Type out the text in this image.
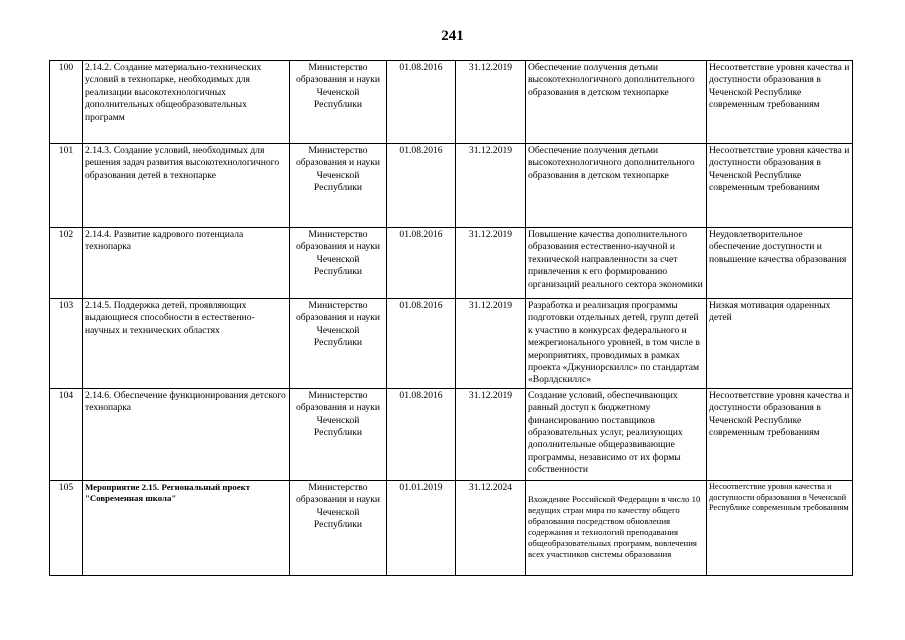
241
100	2.14.2. Создание материально-технических условий в технопарке, необходимых для реализации высокотехнологичных дополнительных общеобразовательных программ	Министерство образования и науки Чеченской Республики	01.08.2016	31.12.2019	Обеспечение получения детьми высокотехнологичного дополнительного образования в детском технопарке	Несоответствие уровня качества и доступности образования в Чеченской Республике современным требованиям
101	2.14.3. Создание условий, необходимых для решения задач развития высокотехнологичного образования детей в технопарке	Министерство образования и науки Чеченской Республики	01.08.2016	31.12.2019	Обеспечение получения детьми высокотехнологичного дополнительного образования в детском технопарке	Несоответствие уровня качества и доступности образования в Чеченской Республике современным требованиям
102	2.14.4. Развитие кадрового потенциала технопарка	Министерство образования и науки Чеченской Республики	01.08.2016	31.12.2019	Повышение качества дополнительного образования естественно-научной и технической направленности за счет привлечения к его формированию организаций реального сектора экономики	Неудовлетворительное обеспечение доступности и повышение качества образования
103	2.14.5. Поддержка детей, проявляющих выдающиеся способности в естественно-научных и технических областях	Министерство образования и науки Чеченской Республики	01.08.2016	31.12.2019	Разработка и реализация программы подготовки отдельных детей, групп детей к участию в конкурсах федерального и межрегионального уровней, в том числе в мероприятиях, проводимых в рамках проекта «Джуниорскиллс» по стандартам «Ворлдскиллс»	Низкая мотивация одаренных детей
104	2.14.6. Обеспечение функционирования детского технопарка	Министерство образования и науки Чеченской Республики	01.08.2016	31.12.2019	Создание условий, обеспечивающих равный доступ к бюджетному финансированию поставщиков образовательных услуг, реализующих дополнительные общеразвивающие программы, независимо от их формы собственности	Несоответствие уровня качества и доступности образования в Чеченской Республике современным требованиям
105	Мероприятие 2.15. Региональный проект "Современная школа"	Министерство образования и науки Чеченской Республики	01.01.2019	31.12.2024	Вхождение Российской Федерации в число 10 ведущих стран мира по качеству общего образования посредством обновления содержания и технологий преподавания общеобразовательных программ, вовлечения всех участников системы образования	Несоответствие уровня качества и доступности образования в Чеченской Республике современным требованиям
